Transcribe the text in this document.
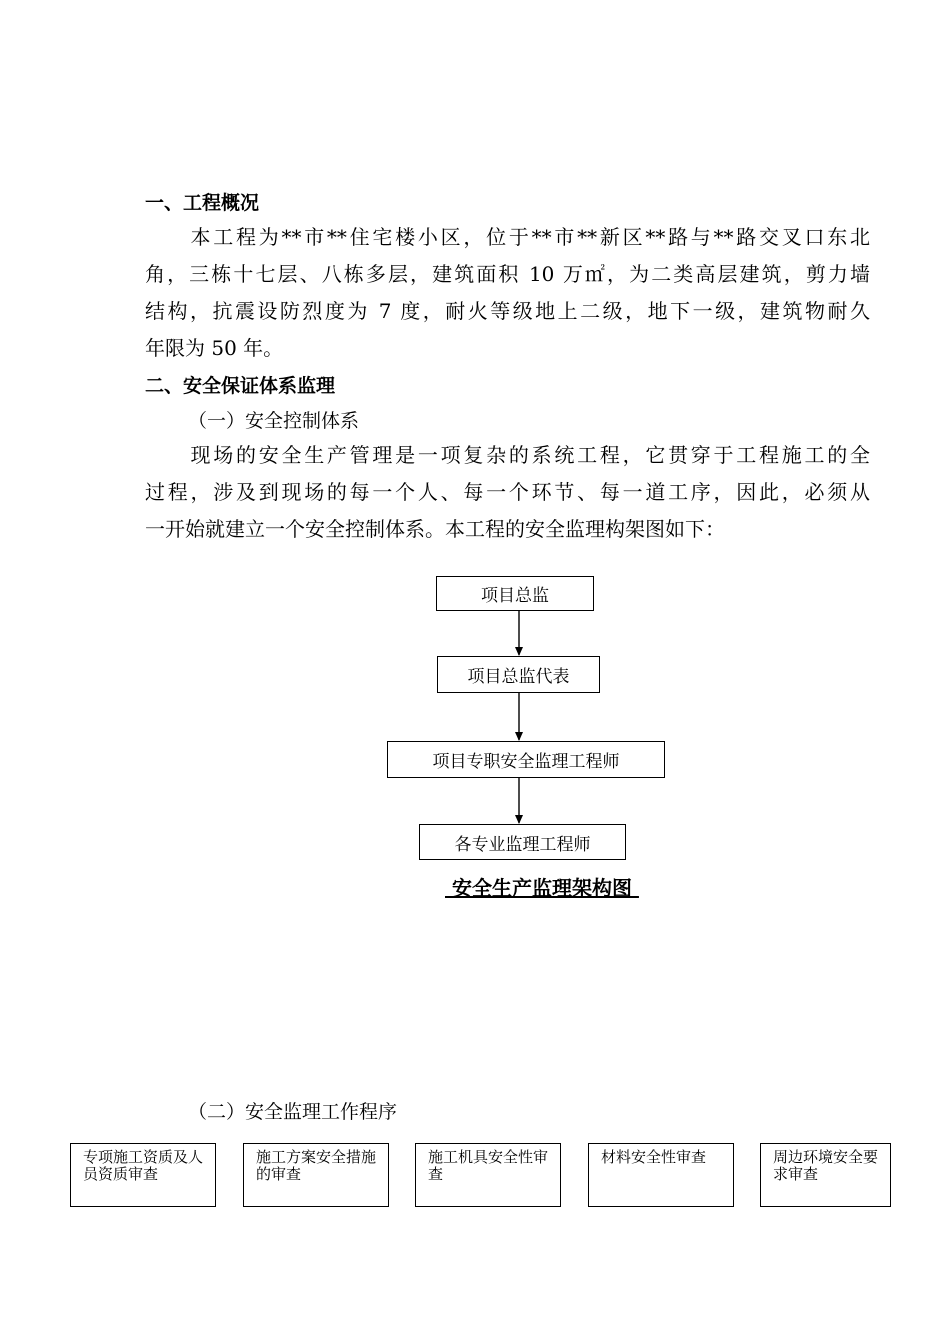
一、工程概况
　　本工程为**市**住宅楼小区，位于**市**新区**路与**路交叉口东北
角，三栋十七层、八栋多层，建筑面积 10 万㎡，为二类高层建筑，剪力墙
结构，抗震设防烈度为 7 度，耐火等级地上二级，地下一级，建筑物耐久
年限为 50 年。
二、安全保证体系监理
（一）安全控制体系
　　现场的安全生产管理是一项复杂的系统工程，它贯穿于工程施工的全
过程，涉及到现场的每一个人、每一个环节、每一道工序，因此，必须从
一开始就建立一个安全控制体系。本工程的安全监理构架图如下：
项目总监
项目总监代表
项目专职安全监理工程师
各专业监理工程师
安全生产监理架构图
（二）安全监理工作程序
专项施工资质及人员资质审查
施工方案安全措施的审查
施工机具安全性审查
材料安全性审查	周边环境安全要求审查
